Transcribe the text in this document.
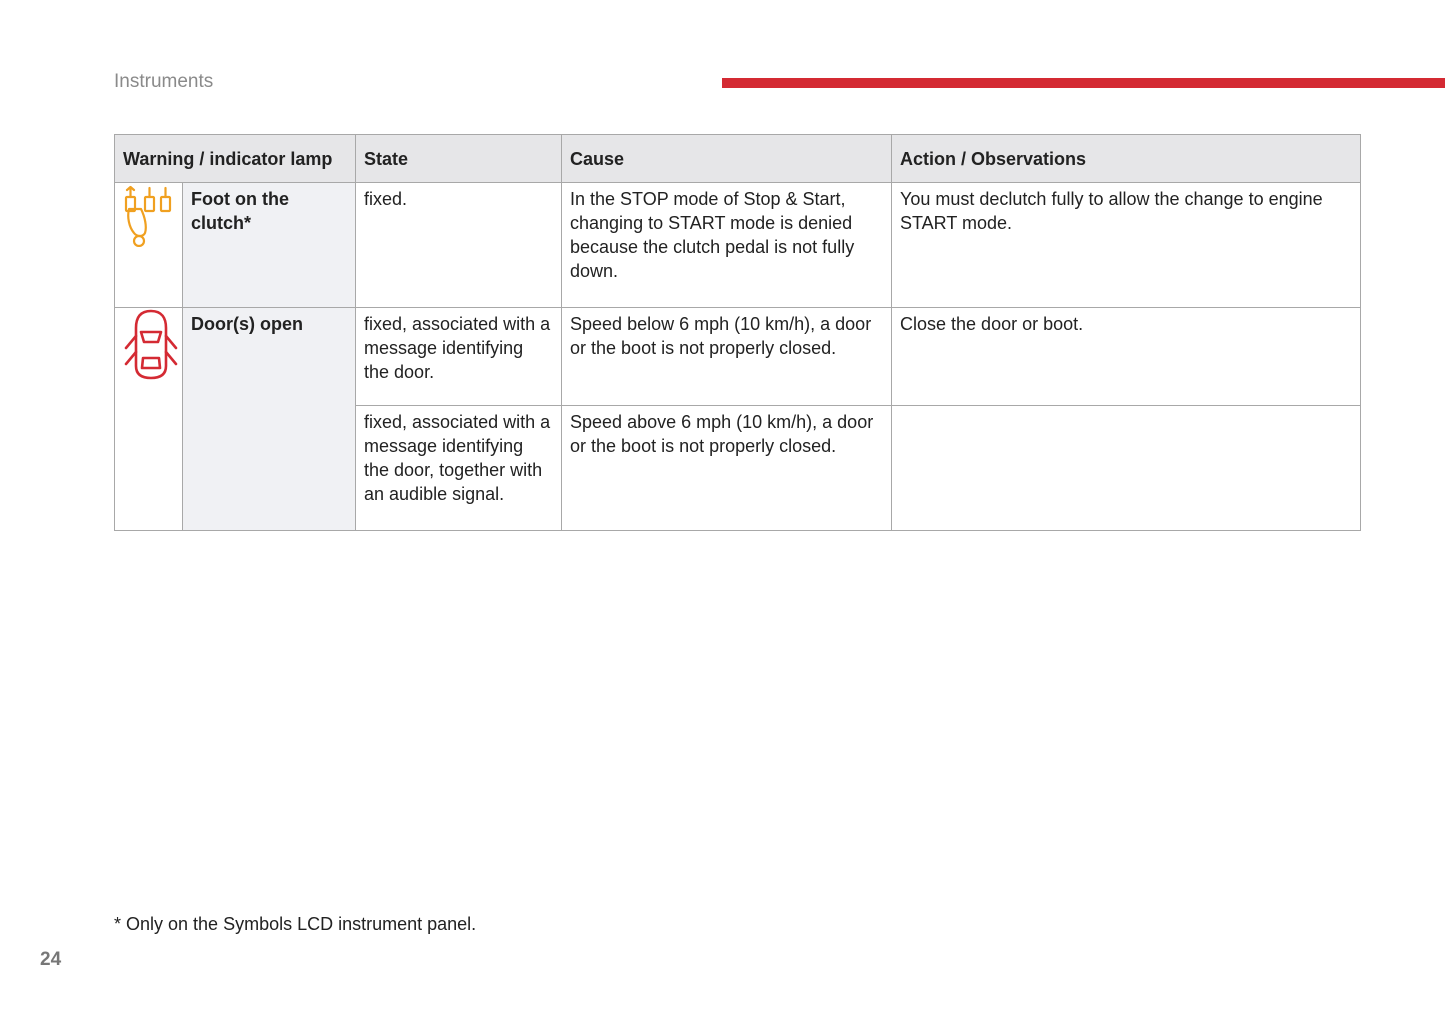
Instruments
Warning / indicator lamp		State	Cause	Action / Observations

Foot on the clutch*	fixed.	In the STOP mode of Stop & Start, changing to START mode is denied because the clutch pedal is not fully down.	You must declutch fully to allow the change to engine START mode.

Door(s) open	fixed, associated with a message identifying the door.	Speed below 6 mph (10 km/h), a door or the boot is not properly closed.	Close the door or boot.

		fixed, associated with a message identifying the door, together with an audible signal.	Speed above 6 mph (10 km/h), a door or the boot is not properly closed.	

* Only on the Symbols LCD instrument panel.
24
